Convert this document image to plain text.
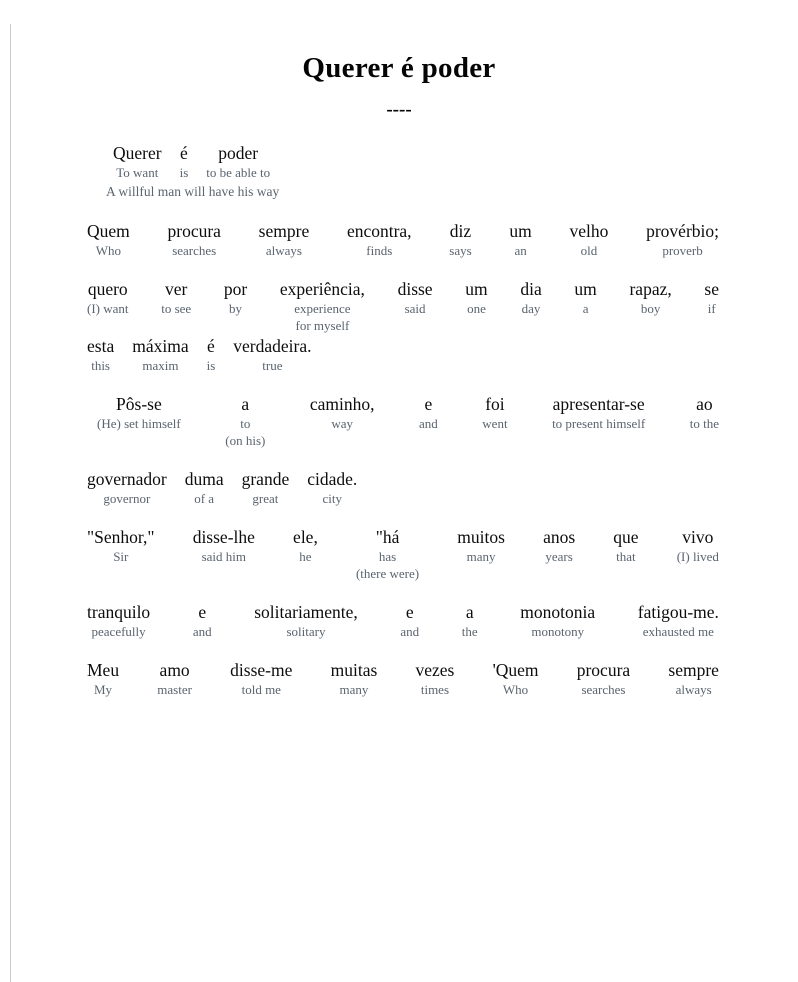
Querer é poder
----
Querer
To want
é
is
poder
to be able to
A willful man will have his way
Quem
Who
procura
searches
sempre
always
encontra,
finds
diz
says
um
an
velho
old
provérbio;
proverb
quero
(I) want
ver
to see
por
by
experiência,
experience
for myself
disse
said
um
one
dia
day
um
a
rapaz,
boy
se
if
esta
this
máxima
maxim
é
is
verdadeira.
true
Pôs-se
(He) set himself
a
to
(on his)
caminho,
way
e
and
foi
went
apresentar-se
to present himself
ao
to the
governador
governor
duma
of a
grande
great
cidade.
city
"Senhor,"
Sir
disse-lhe
said him
ele,
he
"há
has
(there were)
muitos
many
anos
years
que
that
vivo
(I) lived
tranquilo
peacefully
e
and
solitariamente,
solitary
e
and
a
the
monotonia
monotony
fatigou-me.
exhausted me
Meu
My
amo
master
disse-me
told me
muitas
many
vezes
times
'Quem
Who
procura
searches
sempre
always
